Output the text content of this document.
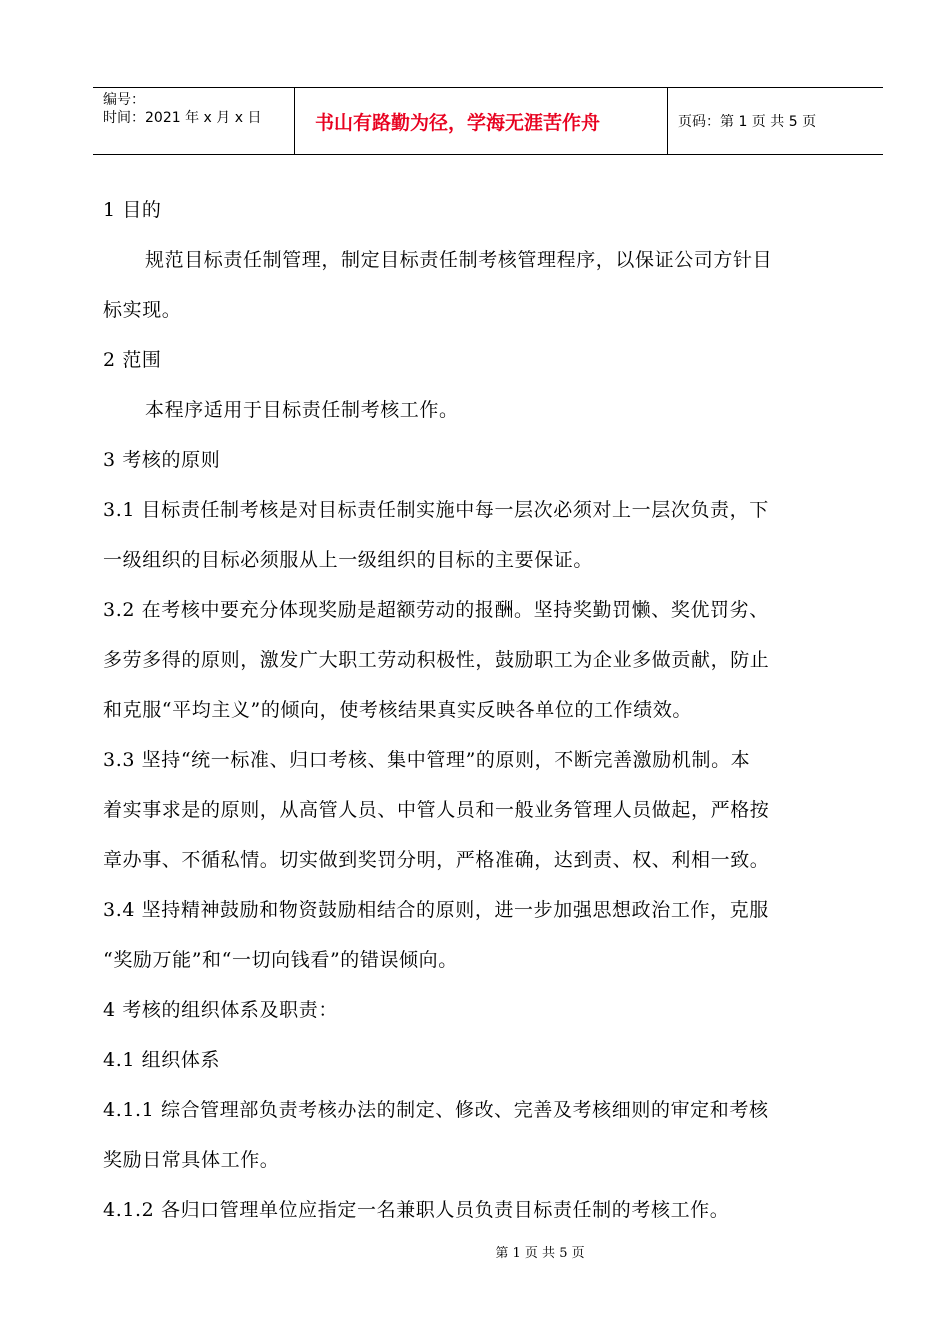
编号：
时间：2021 年 x 月 x 日	书山有路勤为径，学海无涯苦作舟	页码：第 1 页 共 5 页
1 目的
规范目标责任制管理，制定目标责任制考核管理程序，以保证公司方针目
标实现。
2 范围
本程序适用于目标责任制考核工作。
3 考核的原则
3.1 目标责任制考核是对目标责任制实施中每一层次必须对上一层次负责，下
一级组织的目标必须服从上一级组织的目标的主要保证。
3.2 在考核中要充分体现奖励是超额劳动的报酬。坚持奖勤罚懒、奖优罚劣、
多劳多得的原则，激发广大职工劳动积极性，鼓励职工为企业多做贡献，防止
和克服“平均主义”的倾向，使考核结果真实反映各单位的工作绩效。
3.3 坚持“统一标准、归口考核、集中管理”的原则，不断完善激励机制。本
着实事求是的原则，从高管人员、中管人员和一般业务管理人员做起，严格按
章办事、不循私情。切实做到奖罚分明，严格准确，达到责、权、利相一致。
3.4 坚持精神鼓励和物资鼓励相结合的原则，进一步加强思想政治工作，克服
“奖励万能”和“一切向钱看”的错误倾向。
4 考核的组织体系及职责：
4.1 组织体系
4.1.1 综合管理部负责考核办法的制定、修改、完善及考核细则的审定和考核
奖励日常具体工作。
4.1.2 各归口管理单位应指定一名兼职人员负责目标责任制的考核工作。
第 1 页 共 5 页
